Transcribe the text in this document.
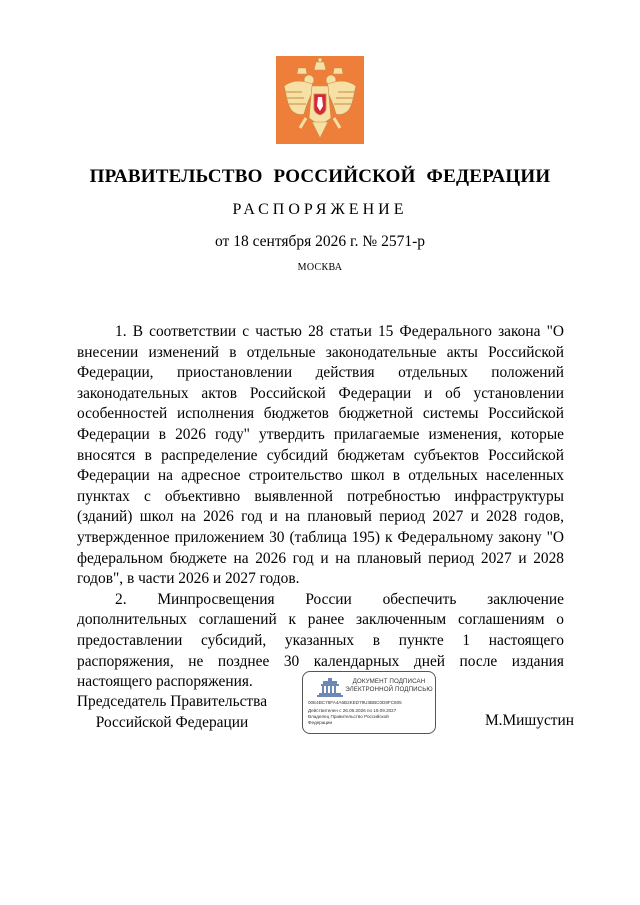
ПРАВИТЕЛЬСТВО РОССИЙСКОЙ ФЕДЕРАЦИИ
РАСПОРЯЖЕНИЕ
от 18 сентября 2026 г. № 2571-р
МОСКВА

1. В соответствии с частью 28 статьи 15 Федерального закона "О внесении изменений в отдельные законодательные акты Российской Федерации, приостановлении действия отдельных положений законодательных актов Российской Федерации и об установлении особенностей исполнения бюджетов бюджетной системы Российской Федерации в 2026 году" утвердить прилагаемые изменения, которые вносятся в распределение субсидий бюджетам субъектов Российской Федерации на адресное строительство школ в отдельных населенных пунктах с объективно выявленной потребностью инфраструктуры (зданий) школ на 2026 год и на плановый период 2027 и 2028 годов, утвержденное приложением 30 (таблица 195) к Федеральному закону "О федеральном бюджете на 2026 год и на плановый период 2027 и 2028 годов", в части 2026 и 2027 годов.

2. Минпросвещения России обеспечить заключение дополнительных соглашений к ранее заключенным соглашениям о предоставлении субсидий, указанных в пункте 1 настоящего распоряжения, не позднее 30 календарных дней после издания настоящего распоряжения.

Председатель Правительства
Российской Федерации
ДОКУМЕНТ ПОДПИСАН
ЭЛЕКТРОННОЙ ПОДПИСЬЮ
00E4BC78FA4A6B2KED79U3BBC0D8FC805
Действителен с 26.06.2026 по 19.09.2027
Владелец Правительство Российской
Федерации	М.Мишустин
